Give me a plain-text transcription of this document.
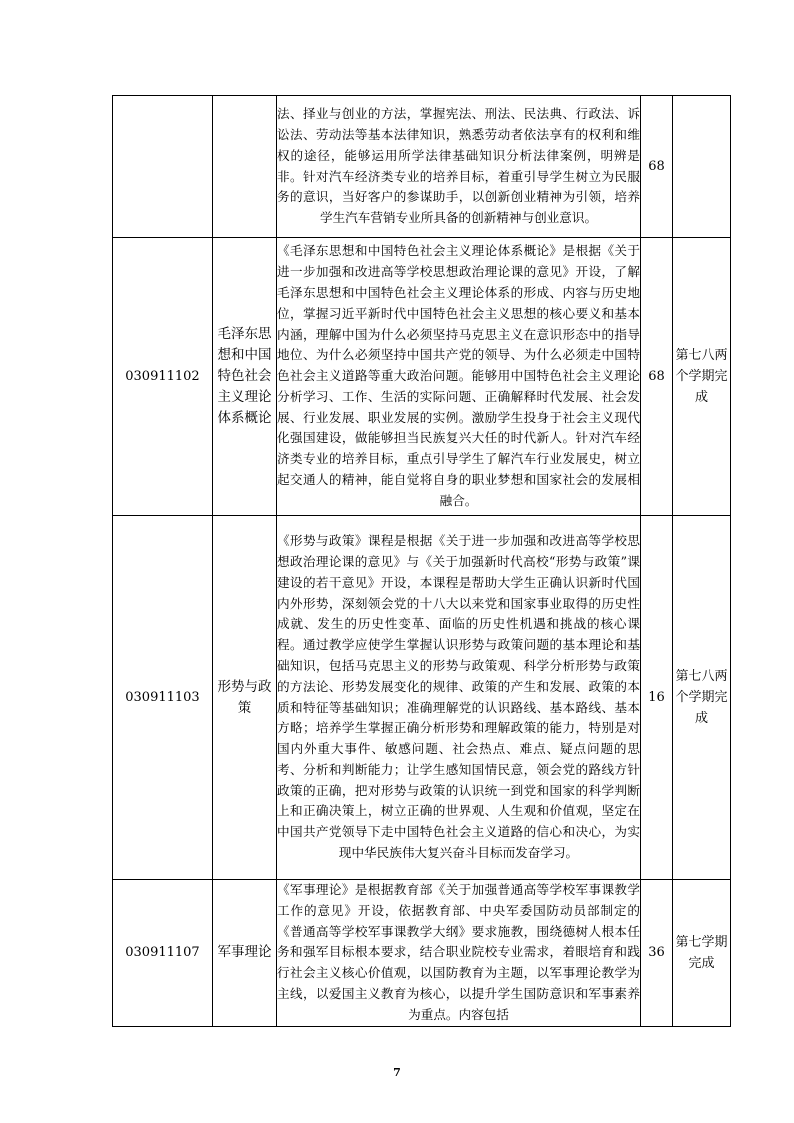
		法、择业与创业的方法，掌握宪法、刑法、民法典、行政法、诉讼法、劳动法等基本法律知识，熟悉劳动者依法享有的权利和维权的途径，能够运用所学法律基础知识分析法律案例，明辨是非。针对汽车经济类专业的培养目标，着重引导学生树立为民服务的意识，当好客户的参谋助手，以创新创业精神为引领，培养学生汽车营销专业所具备的创新精神与创业意识。	68	
030911102	毛泽东思想和中国特色社会主义理论体系概论	《毛泽东思想和中国特色社会主义理论体系概论》是根据《关于进一步加强和改进高等学校思想政治理论课的意见》开设，了解毛泽东思想和中国特色社会主义理论体系的形成、内容与历史地位，掌握习近平新时代中国特色社会主义思想的核心要义和基本内涵，理解中国为什么必须坚持马克思主义在意识形态中的指导地位、为什么必须坚持中国共产党的领导、为什么必须走中国特色社会主义道路等重大政治问题。能够用中国特色社会主义理论分析学习、工作、生活的实际问题、正确解释时代发展、社会发展、行业发展、职业发展的实例。激励学生投身于社会主义现代化强国建设，做能够担当民族复兴大任的时代新人。针对汽车经济类专业的培养目标，重点引导学生了解汽车行业发展史，树立起交通人的精神，能自觉将自身的职业梦想和国家社会的发展相融合。	68	第七八两个学期完成
030911103	形势与政策	《形势与政策》课程是根据《关于进一步加强和改进高等学校思想政治理论课的意见》与《关于加强新时代高校“形势与政策”课建设的若干意见》开设，本课程是帮助大学生正确认识新时代国内外形势，深刻领会党的十八大以来党和国家事业取得的历史性成就、发生的历史性变革、面临的历史性机遇和挑战的核心课程。通过教学应使学生掌握认识形势与政策问题的基本理论和基础知识，包括马克思主义的形势与政策观、科学分析形势与政策的方法论、形势发展变化的规律、政策的产生和发展、政策的本质和特征等基础知识；准确理解党的认识路线、基本路线、基本方略；培养学生掌握正确分析形势和理解政策的能力，特别是对国内外重大事件、敏感问题、社会热点、难点、疑点问题的思考、分析和判断能力；让学生感知国情民意，领会党的路线方针政策的正确，把对形势与政策的认识统一到党和国家的科学判断上和正确决策上，树立正确的世界观、人生观和价值观，坚定在中国共产党领导下走中国特色社会主义道路的信心和决心，为实现中华民族伟大复兴奋斗目标而发奋学习。	16	第七八两个学期完成
030911107	军事理论	《军事理论》是根据教育部《关于加强普通高等学校军事课教学工作的意见》开设，依据教育部、中央军委国防动员部制定的《普通高等学校军事课教学大纲》要求施教，围绕德树人根本任务和强军目标根本要求，结合职业院校专业需求，着眼培育和践行社会主义核心价值观，以国防教育为主题，以军事理论教学为主线，以爱国主义教育为核心，以提升学生国防意识和军事素养为重点。内容包括	36	第七学期完成
7
